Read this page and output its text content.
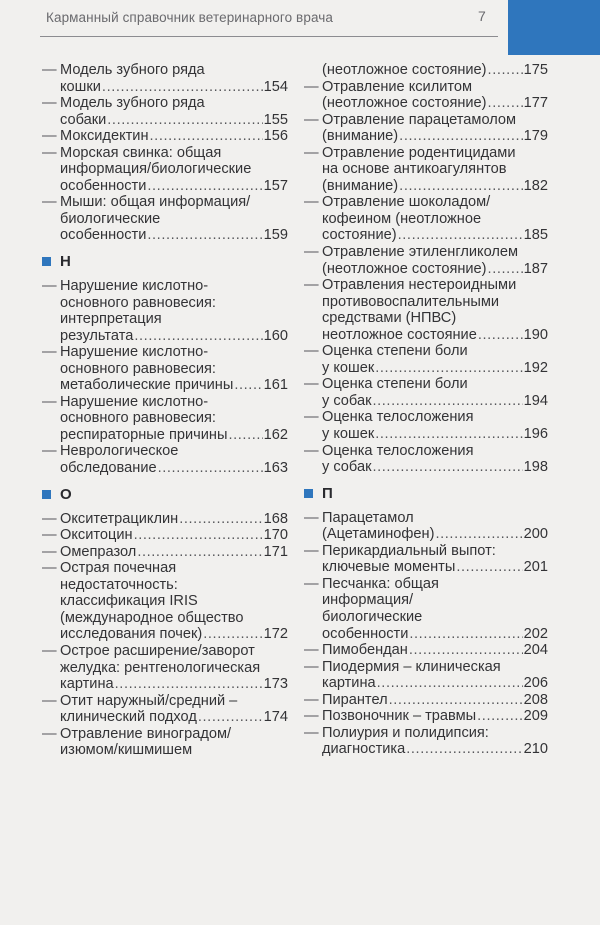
Карманный справочник ветеринарного врача	7
— Модель зубного ряда
кошки .....	154
— Модель зубного ряда
собаки .....	155
— Моксидектин .....	156
— Морская свинка: общая
информация/биологические
особенности .....	157
— Мыши: общая информация/
биологические
особенности .....	159
Н
— Нарушение кислотно-
основного равновесия:
интерпретация
результата .....	160
— Нарушение кислотно-
основного равновесия:
метаболические причины ..... 161
— Нарушение кислотно-
основного равновесия:
респираторные причины ..... 162
— Неврологическое
обследование .....	163
О
— Окситетрациклин .....	168
— Окситоцин .....	170
— Омепразол .....	171
— Острая почечная
недостаточность:
классификация IRIS
(международное общество
исследования почек) .....	172
— Острое расширение/заворот
желудка: рентгенологическая
картина .....	173
— Отит наружный/средний –
клинический подход .....	174
— Отравление виноградом/
изюмом/кишмишем
(неотложное состояние) .....	175
— Отравление ксилитом
(неотложное состояние) .....	177
— Отравление парацетамолом
(внимание) .....	179
— Отравление родентицидами
на основе антикоагулянтов
(внимание) .....	182
— Отравление шоколадом/
кофеином (неотложное
состояние) .....	185
— Отравление этиленгликолем
(неотложное состояние) .....	187
— Отравления нестероидными
противовоспалительными
средствами (НПВС)
неотложное состояние .....	190
— Оценка степени боли
у кошек .....	192
— Оценка степени боли
у собак .....	194
— Оценка телосложения
у кошек .....	196
— Оценка телосложения
у собак .....	198
П
— Парацетамол
(Ацетаминофен) .....	200
— Перикардиальный выпот:
ключевые моменты .....	201
— Песчанка: общая
информация/
биологические
особенности .....	202
— Пимобендан .....	204
— Пиодермия – клиническая
картина .....	206
— Пирантел .....	208
— Позвоночник – травмы .....	209
— Полиурия и полидипсия:
диагностика .....	210
